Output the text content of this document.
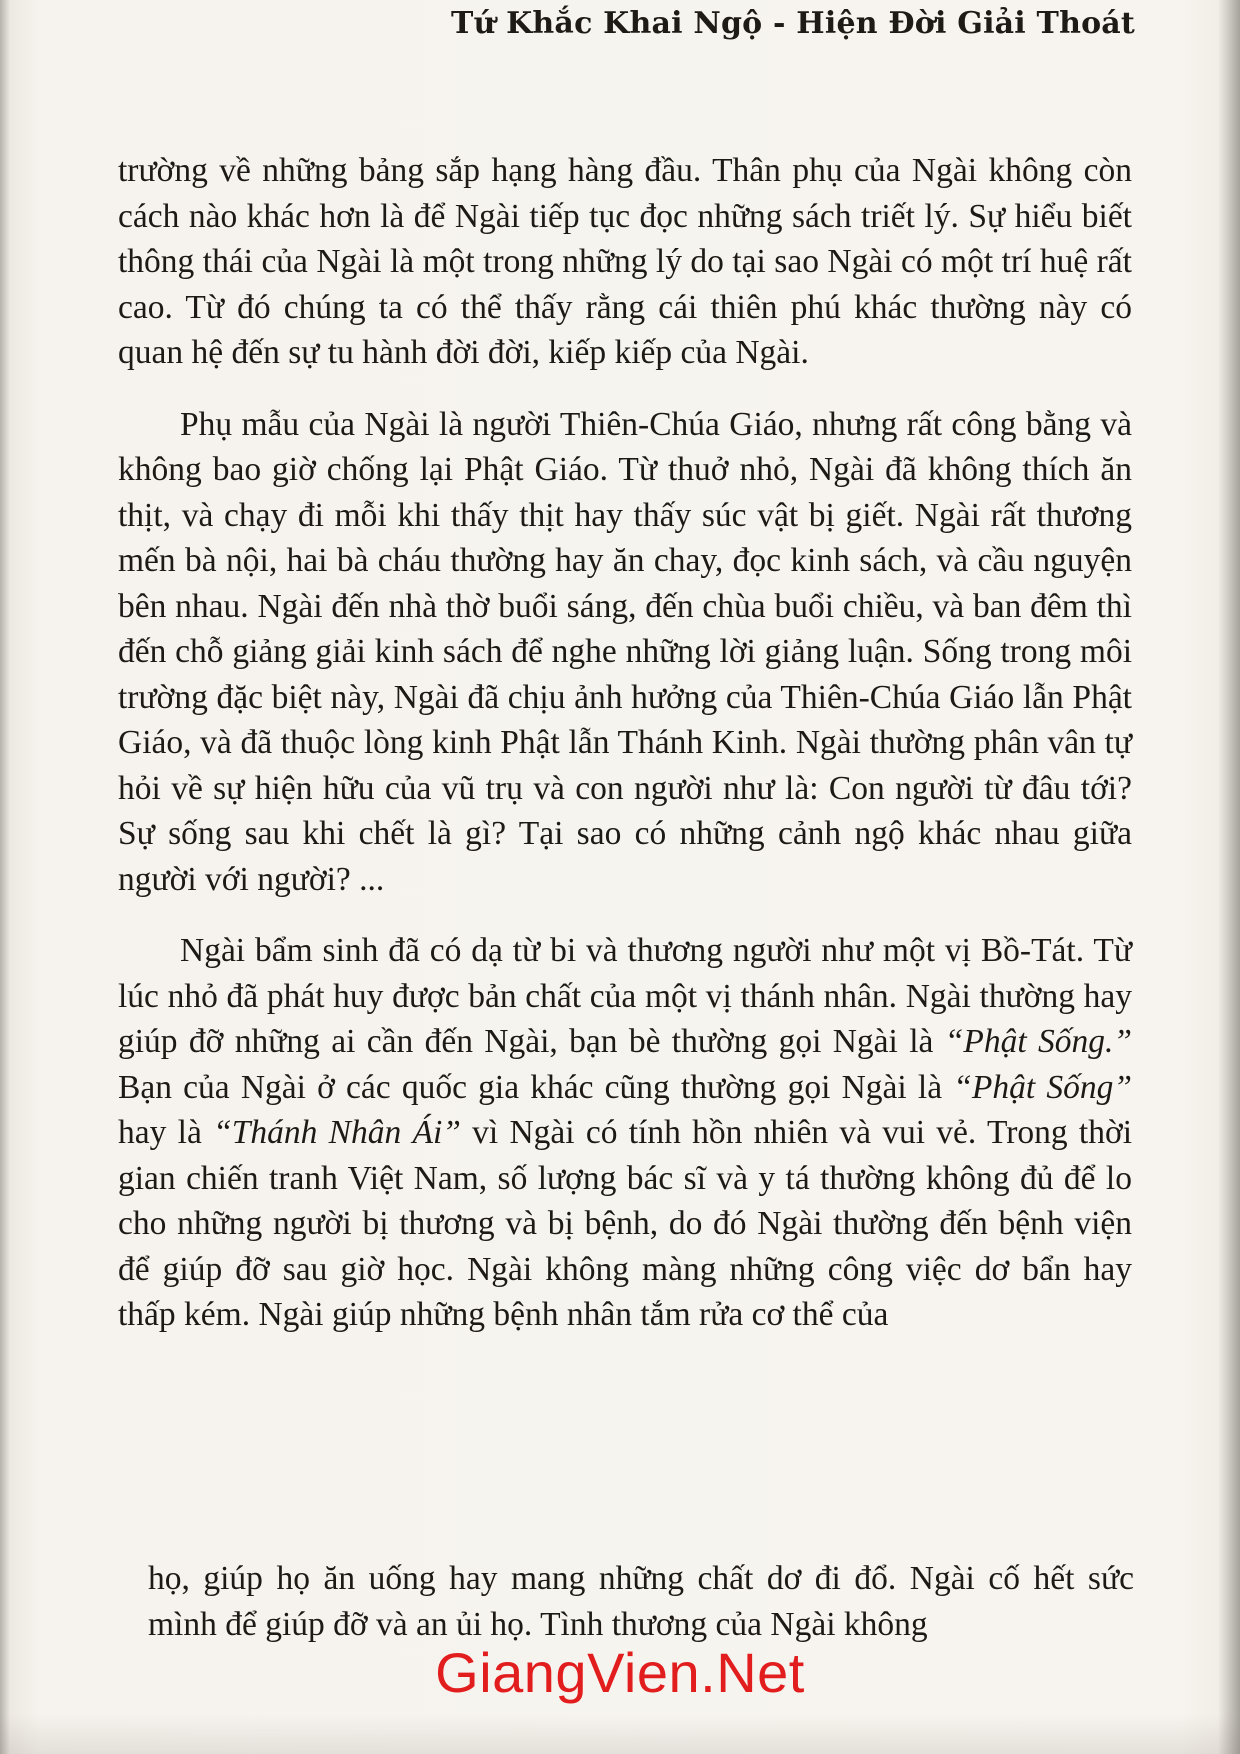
Tứ Khắc Khai Ngộ - Hiện Đời Giải Thoát

trường về những bảng sắp hạng hàng đầu. Thân phụ của Ngài không còn cách nào khác hơn là để Ngài tiếp tục đọc những sách triết lý. Sự hiểu biết thông thái của Ngài là một trong những lý do tại sao Ngài có một trí huệ rất cao. Từ đó chúng ta có thể thấy rằng cái thiên phú khác thường này có quan hệ đến sự tu hành đời đời, kiếp kiếp của Ngài.

Phụ mẫu của Ngài là người Thiên-Chúa Giáo, nhưng rất công bằng và không bao giờ chống lại Phật Giáo. Từ thuở nhỏ, Ngài đã không thích ăn thịt, và chạy đi mỗi khi thấy thịt hay thấy súc vật bị giết. Ngài rất thương mến bà nội, hai bà cháu thường hay ăn chay, đọc kinh sách, và cầu nguyện bên nhau. Ngài đến nhà thờ buổi sáng, đến chùa buổi chiều, và ban đêm thì đến chỗ giảng giải kinh sách để nghe những lời giảng luận. Sống trong môi trường đặc biệt này, Ngài đã chịu ảnh hưởng của Thiên-Chúa Giáo lẫn Phật Giáo, và đã thuộc lòng kinh Phật lẫn Thánh Kinh. Ngài thường phân vân tự hỏi về sự hiện hữu của vũ trụ và con người như là: Con người từ đâu tới? Sự sống sau khi chết là gì? Tại sao có những cảnh ngộ khác nhau giữa người với người? ...

Ngài bẩm sinh đã có dạ từ bi và thương người như một vị Bồ-Tát. Từ lúc nhỏ đã phát huy được bản chất của một vị thánh nhân. Ngài thường hay giúp đỡ những ai cần đến Ngài, bạn bè thường gọi Ngài là “Phật Sống.” Bạn của Ngài ở các quốc gia khác cũng thường gọi Ngài là “Phật Sống” hay là “Thánh Nhân Ái” vì Ngài có tính hồn nhiên và vui vẻ. Trong thời gian chiến tranh Việt Nam, số lượng bác sĩ và y tá thường không đủ để lo cho những người bị thương và bị bệnh, do đó Ngài thường đến bệnh viện để giúp đỡ sau giờ học. Ngài không màng những công việc dơ bẩn hay thấp kém. Ngài giúp những bệnh nhân tắm rửa cơ thể của

họ, giúp họ ăn uống hay mang những chất dơ đi đổ. Ngài cố hết sức mình để giúp đỡ và an ủi họ. Tình thương của Ngài không

GiangVien.Net
